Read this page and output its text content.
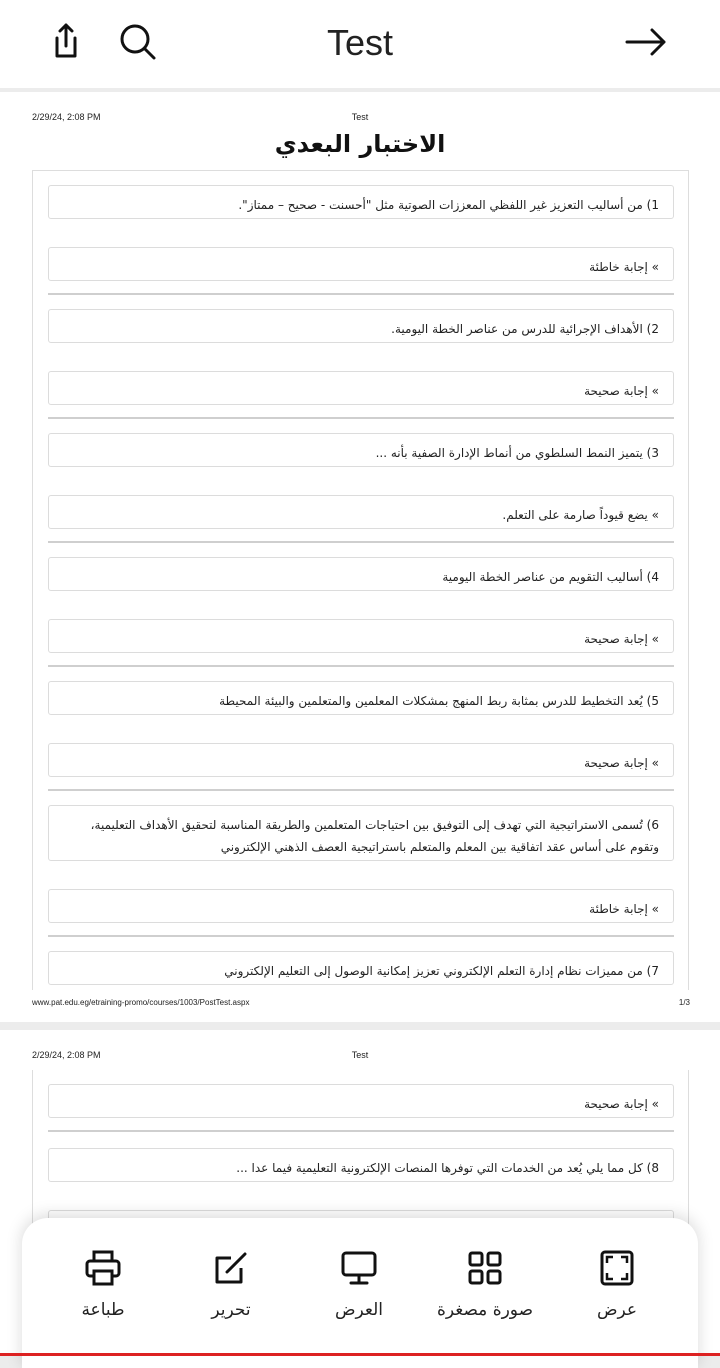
Test
2/29/24, 2:08 PM	Test
الاختبار البعدي
1) من أساليب التعزيز غير اللفظي المعززات الصوتية مثل "أحسنت - صحيح – ممتاز".
» إجابة خاطئة
2) الأهداف الإجرائية للدرس من عناصر الخطة اليومية.
» إجابة صحيحة
3) يتميز النمط السلطوي من أنماط الإدارة الصفية بأنه ...
» يضع قيوداً صارمة على التعلم.
4) أساليب التقويم من عناصر الخطة اليومية
» إجابة صحيحة
5) يُعد التخطيط للدرس بمثابة ربط المنهج بمشكلات المعلمين والمتعلمين والبيئة المحيطة
» إجابة صحيحة
6) تُسمى الاستراتيجية التي تهدف إلى التوفيق بين احتياجات المتعلمين والطريقة المناسبة لتحقيق الأهداف التعليمية، وتقوم على أساس عقد اتفاقية بين المعلم والمتعلم باستراتيجية العصف الذهني الإلكتروني
» إجابة خاطئة
7) من مميزات نظام إدارة التعلم الإلكتروني تعزيز إمكانية الوصول إلى التعليم الإلكتروني
www.pat.edu.eg/etraining-promo/courses/1003/PostTest.aspx	1/3
2/29/24, 2:08 PM	Test
» إجابة صحيحة
8) كل مما يلي يُعد من الخدمات التي توفرها المنصات الإلكترونية التعليمية فيما عدا ...
طباعة	تحرير	العرض	صورة مصغرة	عرض
